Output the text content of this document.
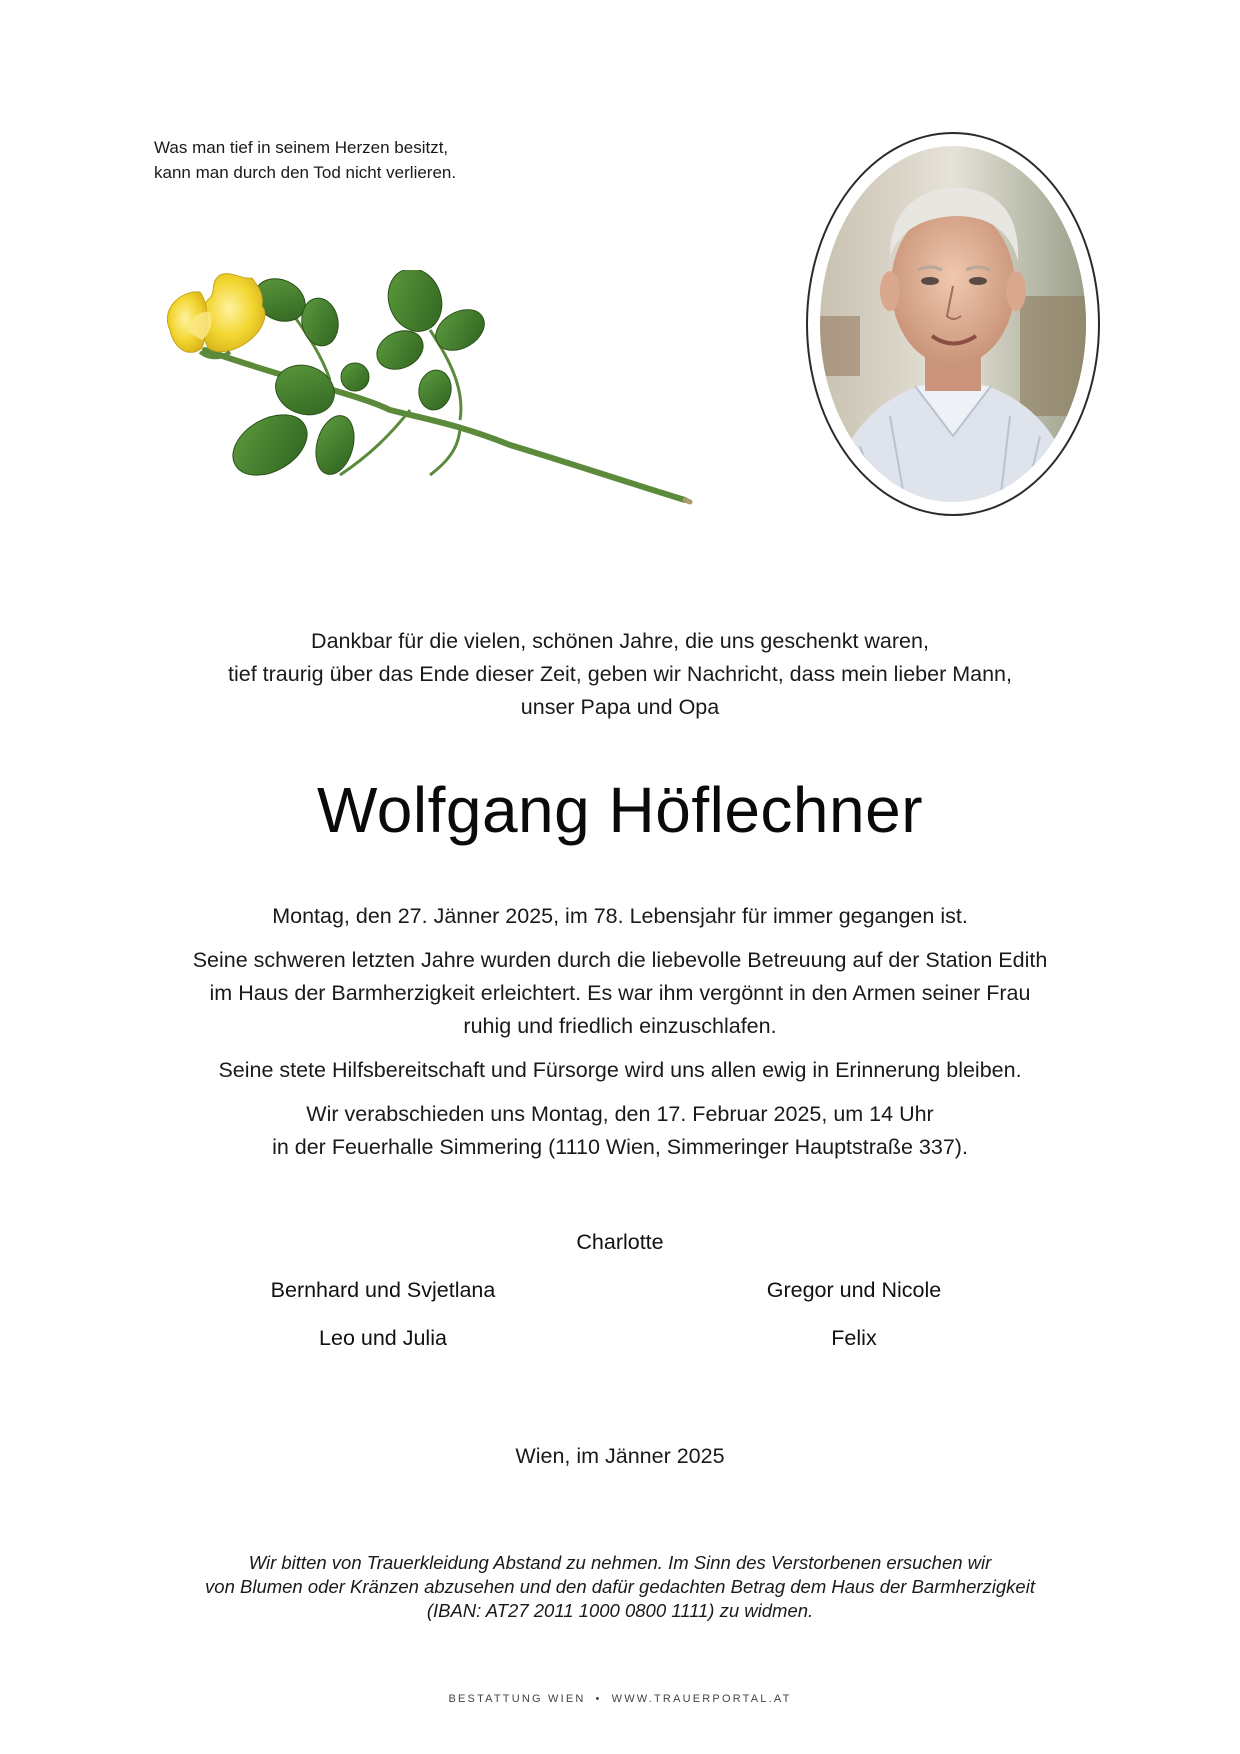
Was man tief in seinem Herzen besitzt,
kann man durch den Tod nicht verlieren.
Dankbar für die vielen, schönen Jahre, die uns geschenkt waren,
tief traurig über das Ende dieser Zeit, geben wir Nachricht, dass mein lieber Mann,
unser Papa und Opa
Wolfgang Höflechner

Montag, den 27. Jänner 2025, im 78. Lebensjahr für immer gegangen ist.

Seine schweren letzten Jahre wurden durch die liebevolle Betreuung auf der Station Edith
im Haus der Barmherzigkeit erleichtert. Es war ihm vergönnt in den Armen seiner Frau
ruhig und friedlich einzuschlafen.

Seine stete Hilfsbereitschaft und Fürsorge wird uns allen ewig in Erinnerung bleiben.

Wir verabschieden uns Montag, den 17. Februar 2025, um 14 Uhr
in der Feuerhalle Simmering (1110 Wien, Simmeringer Hauptstraße 337).

Charlotte
Bernhard und Svjetlana	Gregor und Nicole
Leo und Julia	Felix
Wien, im Jänner 2025
Wir bitten von Trauerkleidung Abstand zu nehmen. Im Sinn des Verstorbenen ersuchen wir
von Blumen oder Kränzen abzusehen und den dafür gedachten Betrag dem Haus der Barmherzigkeit
(IBAN: AT27 2011 1000 0800 1111) zu widmen.
BESTATTUNG WIEN • WWW.TRAUERPORTAL.AT
